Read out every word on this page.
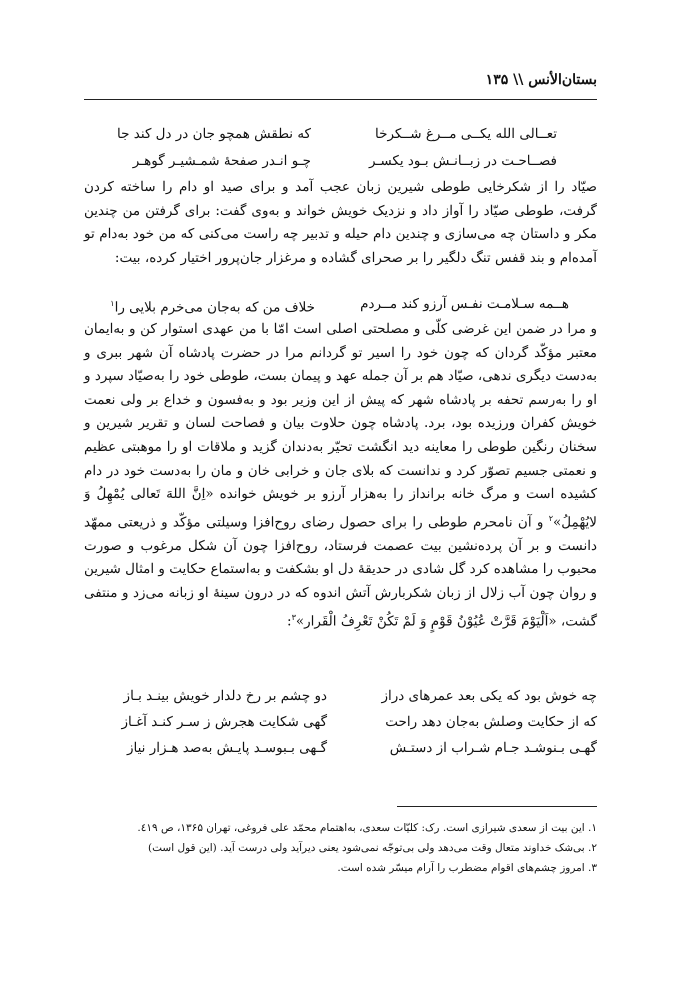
بستان‌الأنس \\ ۱۳۵
تعــالی الله یکــی مــرغ شــکرخا
که نطقش همچو جان در دل کند جا
فصــاحـت در زبــانـش بـود یکسـر
چـو انـدر صفحۀ شمـشیـر گوهـر

صیّاد را از شکرخایی طوطی شیرین زبان عجب آمد و برای صید او دام را ساخته کردن گرفت، طوطی صیّاد را آواز داد و نزدیک خویش خواند و به‌وی گفت: برای گرفتن من چندین مکر و داستان چه می‌سازی و چندین دام حیله و تدبیر چه راست می‌کنی که من خود به‌دام تو آمده‌ام و بند قفس تنگ دلگیر را بر صحرای گشاده و مرغزار جان‌پرور اختیار کرده، بیت:

هــمه سـلامـت نفـس آرزو کند مــردم
خلاف من که به‌جان می‌خرم بلایی را$^۱$

و مرا در ضمن این غرضی کلّی و مصلحتی اصلی است امّا با من عهدی استوار کن و به‌ایمان معتبر مؤکّد گردان که چون خود را اسیر تو گردانم مرا در حضرت پادشاه آن شهر ببری و به‌دست دیگری ندهی، صیّاد هم بر آن جمله عهد و پیمان بست، طوطی خود را به‌صیّاد سپرد و او را به‌رسم تحفه بر پادشاه شهر که پیش از این وزیر بود و به‌فسون و خداع بر ولی نعمت خویش کفران ورزیده بود، برد. پادشاه چون حلاوت بیان و فصاحت لسان و تقریر شیرین و سخنان رنگین طوطی را معاینه دید انگشت تحیّر به‌دندان گزید و ملاقات او را موهبتی عظیم و نعمتی جسیم تصوّر کرد و ندانست که بلای جان و خرابی خان و مان را به‌دست خود در دام کشیده است و مرگ خانه برانداز را به‌هزار آرزو بر خویش خوانده «اِنَّ اللهَ تَعالی یُمْهِلُ وَ لایُهْمِلُ»$^۲$ و آن نامحرم طوطی را برای حصول رضای روح‌افزا وسیلتی مؤکّد و ذریعتی ممهّد دانست و بر آن پرده‌نشین بیت عصمت فرستاد، روح‌افزا چون آن شکل مرغوب و صورت محبوب را مشاهده کرد گل شادی در حدیقۀ دل او بشکفت و به‌استماع حکایت و امثال شیرین و روان چون آب زلال از زبان شکربارش آتش اندوه که در درون سینۀ او زبانه می‌زد و منتفی گشت، «اَلْیَوْمَ قَرَّتْ عُیُوْنُ قَوْمٍ وَ لَمْ تَکُنْ تَعْرِفُ الْقَرار»$^۳$:

چه خوش بود که یکی بعد عمرهای دراز
دو چشم بر رخ دلدار خویش بینـد بـاز
که از حکایت وصلش به‌جان دهد راحت
گهی شکایت هجرش ز سـر کنـد آغـاز
گهـی بـنوشـد جـام شـراب از دستـش
گـهی بـبوسـد پایـش به‌صد هـزار نیاز
۱. این بیت از سعدی شیرازی است. رک: کلیّات سعدی، به‌اهتمام محمّد علی فروغی، تهران ۱۳۶۵، ص ٤١٩.
۲. بی‌شک خداوند متعال وقت می‌دهد ولی بی‌توجّه نمی‌شود یعنی دیرآید ولی درست آید. (این قول است)
۳. امروز چشم‌های اقوام مضطرب را آرام میسّر شده است.
